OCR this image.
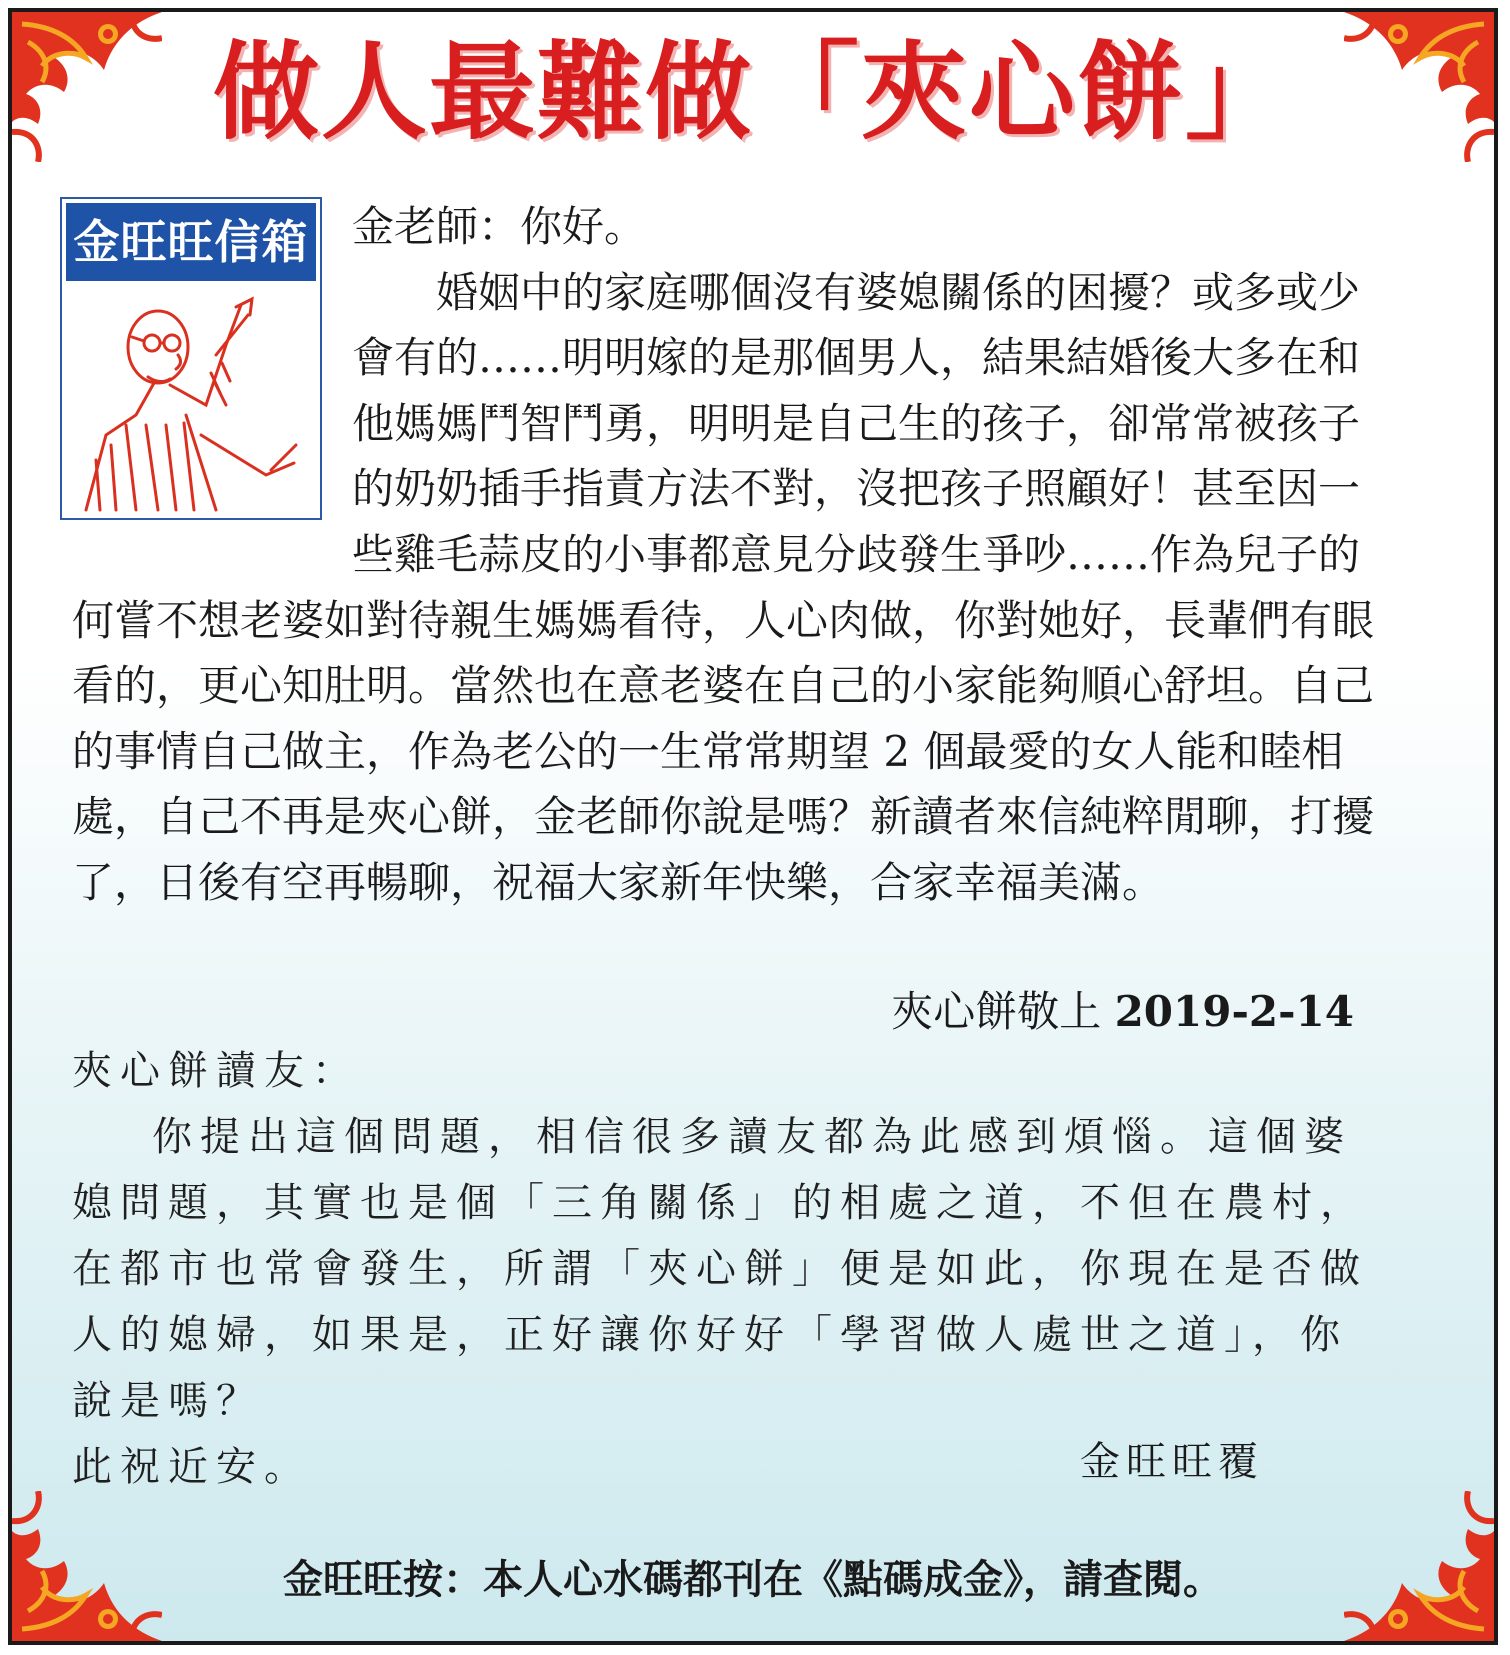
做人最難做「夾心餅」
金旺旺信箱	金老師：你好。

婚姻中的家庭哪個沒有婆媳關係的困擾？或多或少會有的……明明嫁的是那個男人，結果結婚後大多在和他媽媽鬥智鬥勇，明明是自己生的孩子，卻常常被孩子的奶奶插手指責方法不對，沒把孩子照顧好！甚至因一些雞毛蒜皮的小事都意見分歧發生爭吵……作為兒子的何嘗不想老婆如對待親生媽媽看待，人心肉做，你對她好，長輩們有眼看的，更心知肚明。當然也在意老婆在自己的小家能夠順心舒坦。自己的事情自己做主，作為老公的一生常常期望 2 個最愛的女人能和睦相處，自己不再是夾心餅，金老師你說是嗎？新讀者來信純粹閒聊，打擾了，日後有空再暢聊，祝福大家新年快樂，合家幸福美滿。

夾心餅敬上 2019-2-14

夾心餅讀友：

你提出這個問題，相信很多讀友都為此感到煩惱。這個婆媳問題，其實也是個「三角關係」的相處之道，不但在農村，在都市也常會發生，所謂「夾心餅」便是如此，你現在是否做人的媳婦，如果是，正好讓你好好「學習做人處世之道」，你說是嗎？

此祝近安。	金旺旺覆

金旺旺按：本人心水碼都刊在《點碼成金》，請查閱。
